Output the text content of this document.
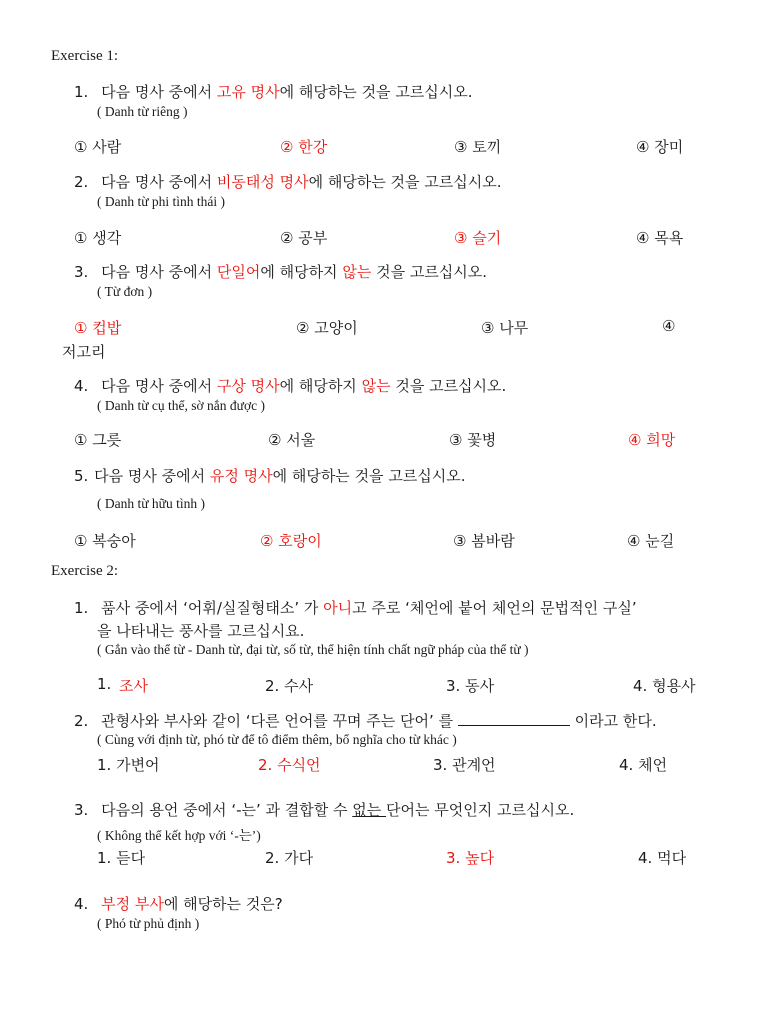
Exercise 1:
1. 다음 명사 중에서 고유 명사에 해당하는 것을 고르십시오.
( Danh từ riêng )
① 사람	② 한강	③ 토끼	④ 장미
2. 다음 명사 중에서 비동태성 명사에 해당하는 것을 고르십시오.
( Danh từ phi tình thái )
① 생각	② 공부	③ 슬기	④ 목욕
3. 다음 명사 중에서 단일어에 해당하지 않는 것을 고르십시오.
( Từ đơn )
① 컵밥	② 고양이	③ 나무	④
저고리
4. 다음 명사 중에서 구상 명사에 해당하지 않는 것을 고르십시오.
( Danh từ cụ thể, sờ nắn được )
① 그릇	② 서울	③ 꽃병	④ 희망
5. 다음 명사 중에서 유정 명사에 해당하는 것을 고르십시오.
( Danh từ hữu tình )
① 복숭아	② 호랑이	③ 봄바람	④ 눈길
Exercise 2:
1. 품사 중에서 ‘어휘/실질형태소’ 가 아니고 주로 ‘체언에 붙어 체언의 문법적인 구실’
을 나타내는 풍사를 고르십시요.
( Gắn vào thể từ - Danh từ, đại từ, số từ, thể hiện tính chất ngữ pháp của thể từ )
1. 조사	2. 수사	3. 동사	4. 형용사
2. 관형사와 부사와 같이 ‘다른 언어를 꾸며 주는 단어’ 를	이라고 한다.
( Cùng với định từ, phó từ để tô điểm thêm, bổ nghĩa cho từ khác )
1. 가변어	2. 수식언	3. 관계언	4. 체언
3. 다음의 용언 중에서 ‘-는’ 과 결합할 수 없는 단어는 무엇인지 고르십시오.
( Không thể kết hợp với ‘-는’)
1. 듣다	2. 가다	3. 높다	4. 먹다
4. 부정 부사에 해당하는 것은?
( Phó từ phủ định )
